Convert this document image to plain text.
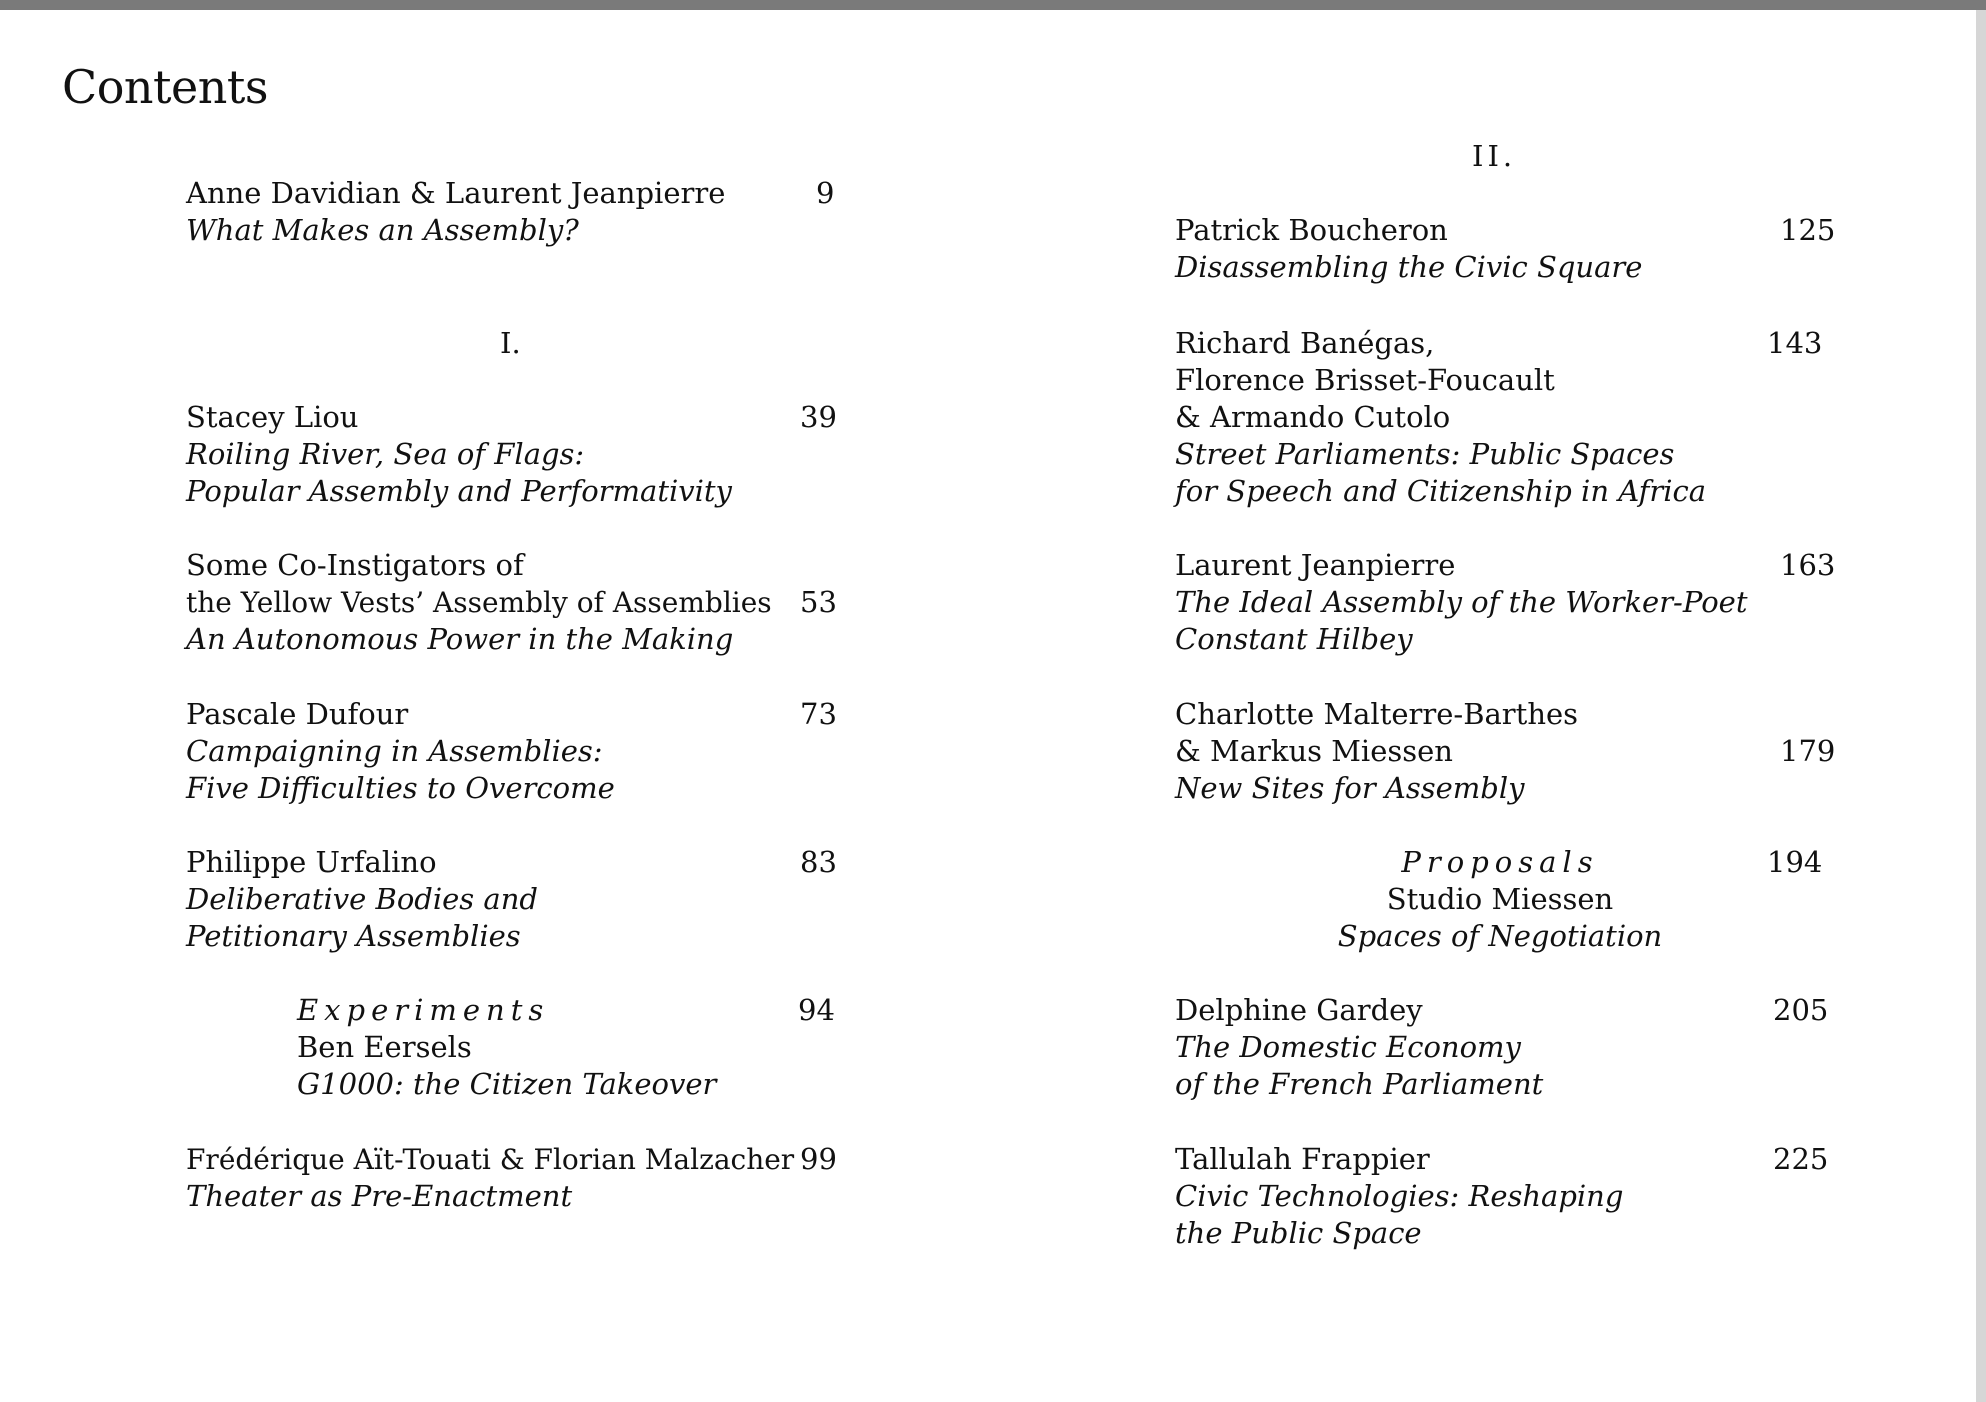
Contents
Anne Davidian & Laurent Jeanpierre
What Makes an Assembly?
9
I.
Stacey Liou
Roiling River, Sea of Flags:
Popular Assembly and Performativity
39
Some Co-Instigators of
the Yellow Vests’ Assembly of Assemblies
An Autonomous Power in the Making
53
Pascale Dufour
Campaigning in Assemblies:
Five Difficulties to Overcome
73
Philippe Urfalino
Deliberative Bodies and
Petitionary Assemblies
83
Experiments
Ben Eersels
G1000: the Citizen Takeover
94
Frédérique Aït-Touati & Florian Malzacher
Theater as Pre-Enactment
99
II.
Patrick Boucheron
Disassembling the Civic Square
125
Richard Banégas,
Florence Brisset-Foucault
& Armando Cutolo
Street Parliaments: Public Spaces
for Speech and Citizenship in Africa
143
Laurent Jeanpierre
The Ideal Assembly of the Worker-Poet
Constant Hilbey
163
Charlotte Malterre-Barthes
& Markus Miessen
New Sites for Assembly
179
Proposals
Studio Miessen
Spaces of Negotiation
194
Delphine Gardey
The Domestic Economy
of the French Parliament
205
Tallulah Frappier
Civic Technologies: Reshaping
the Public Space
225
